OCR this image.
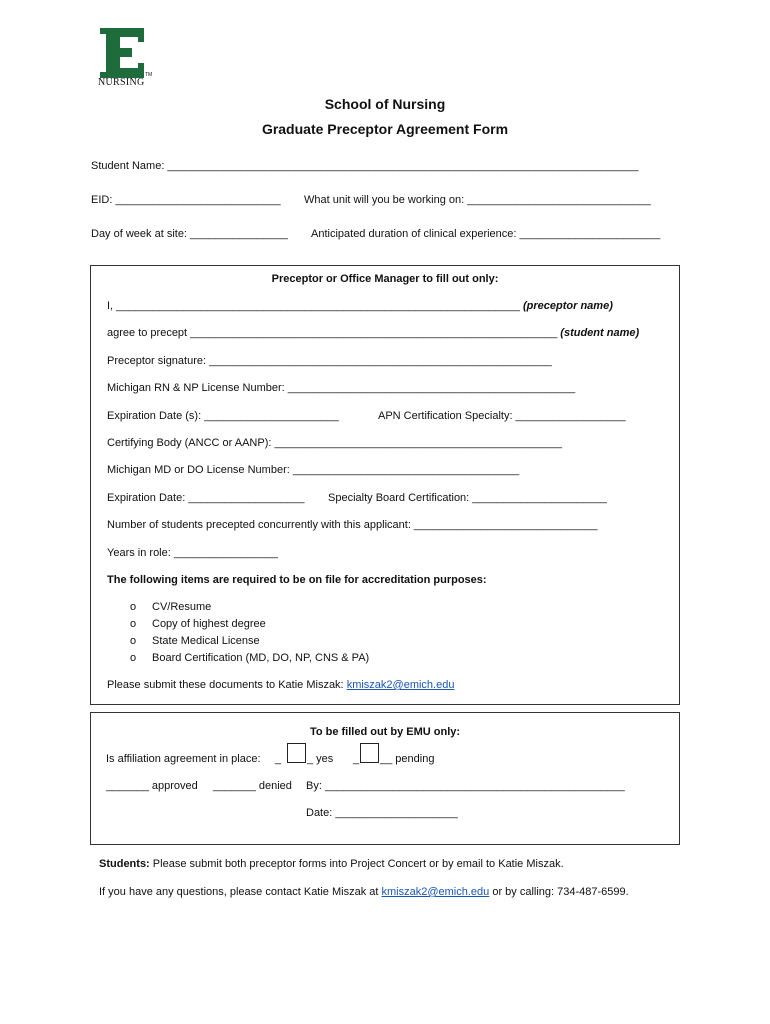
TM
NURSING
School of Nursing
Graduate Preceptor Agreement Form
Student Name: _____________________________________________________________________________
EID: ___________________________ What unit will you be working on: ______________________________
Day of week at site: ________________ Anticipated duration of clinical experience: _______________________
Preceptor or Office Manager to fill out only:
I, __________________________________________________________________ (preceptor name)
agree to precept ____________________________________________________________ (student name)
Preceptor signature: ________________________________________________________
Michigan RN & NP License Number: _______________________________________________
Expiration Date (s): ______________________	APN Certification Specialty: __________________
Certifying Body (ANCC or AANP): _______________________________________________
Michigan MD or DO License Number: _____________________________________
Expiration Date: ___________________ Specialty Board Certification: ______________________
Number of students precepted concurrently with this applicant: ______________________________
Years in role: _________________
The following items are required to be on file for accreditation purposes:
o CV/Resume
o Copy of highest degree
o State Medical License
o Board Certification (MD, DO, NP, CNS & PA)
Please submit these documents to Katie Miszak: kmiszak2@emich.edu
To be filled out by EMU only:
Is affiliation agreement in place: _ _ yes _ __ pending
_______ approved _______ denied By: _________________________________________________
Date: ____________________
Students: Please submit both preceptor forms into Project Concert or by email to Katie Miszak.
If you have any questions, please contact Katie Miszak at kmiszak2@emich.edu or by calling: 734-487-6599.
